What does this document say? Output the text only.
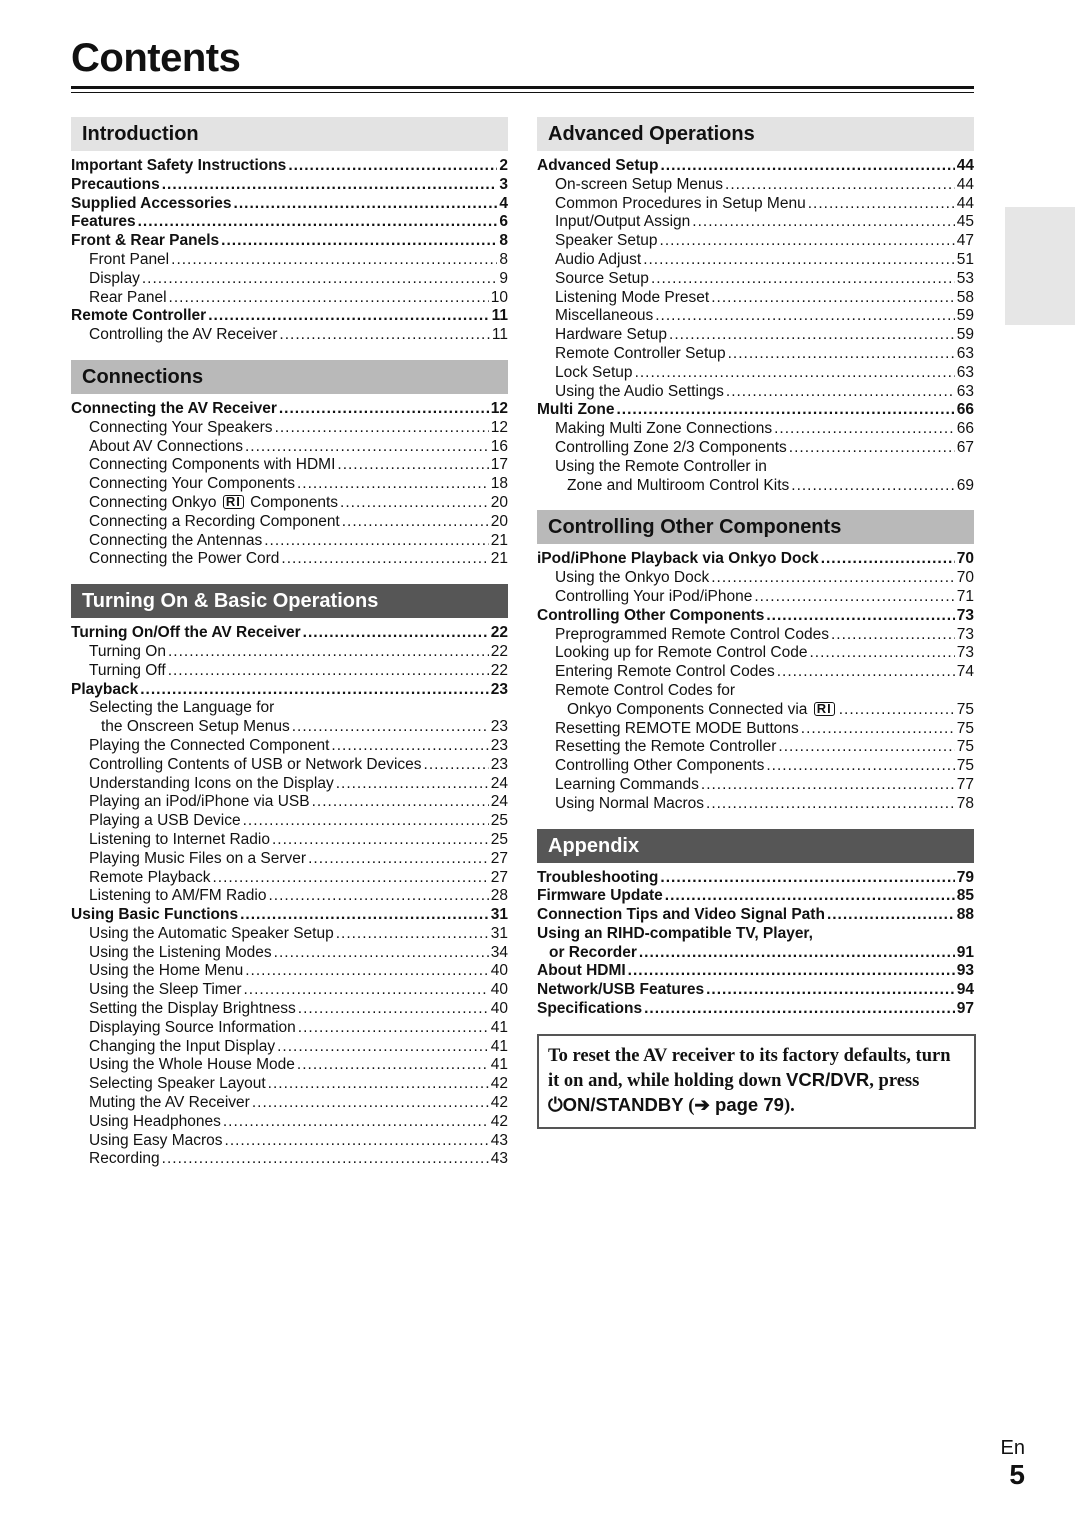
Contents
Introduction
Important Safety Instructions .....	2
Precautions .....	3
Supplied Accessories .....	4
Features .....	6
Front & Rear Panels .....	8
Front Panel .....	8
Display .....	9
Rear Panel .....	10
Remote Controller .....	11
Controlling the AV Receiver .....	11
Connections
Connecting the AV Receiver .....	12
Connecting Your Speakers .....	12
About AV Connections .....	16
Connecting Components with HDMI .....	17
Connecting Your Components .....	18
Connecting Onkyo RI Components .....	20
Connecting a Recording Component .....	20
Connecting the Antennas .....	21
Connecting the Power Cord .....	21
Turning On & Basic Operations
Turning On/Off the AV Receiver .....	22
Turning On .....	22
Turning Off .....	22
Playback .....	23
Selecting the Language for
the Onscreen Setup Menus .....	23
Playing the Connected Component .....	23
Controlling Contents of USB or Network Devices .....	23
Understanding Icons on the Display .....	24
Playing an iPod/iPhone via USB .....	24
Playing a USB Device .....	25
Listening to Internet Radio .....	25
Playing Music Files on a Server .....	27
Remote Playback .....	27
Listening to AM/FM Radio .....	28
Using Basic Functions .....	31
Using the Automatic Speaker Setup .....	31
Using the Listening Modes .....	34
Using the Home Menu .....	40
Using the Sleep Timer .....	40
Setting the Display Brightness .....	40
Displaying Source Information .....	41
Changing the Input Display .....	41
Using the Whole House Mode .....	41
Selecting Speaker Layout .....	42
Muting the AV Receiver .....	42
Using Headphones .....	42
Using Easy Macros .....	43
Recording .....	43
Advanced Operations
Advanced Setup .....	44
On-screen Setup Menus .....	44
Common Procedures in Setup Menu .....	44
Input/Output Assign .....	45
Speaker Setup .....	47
Audio Adjust .....	51
Source Setup .....	53
Listening Mode Preset .....	58
Miscellaneous .....	59
Hardware Setup .....	59
Remote Controller Setup .....	63
Lock Setup .....	63
Using the Audio Settings .....	63
Multi Zone .....	66
Making Multi Zone Connections .....	66
Controlling Zone 2/3 Components .....	67
Using the Remote Controller in
Zone and Multiroom Control Kits .....	69
Controlling Other Components
iPod/iPhone Playback via Onkyo Dock .....	70
Using the Onkyo Dock .....	70
Controlling Your iPod/iPhone .....	71
Controlling Other Components .....	73
Preprogrammed Remote Control Codes .....	73
Looking up for Remote Control Code .....	73
Entering Remote Control Codes .....	74
Remote Control Codes for
Onkyo Components Connected via RI .....	75
Resetting REMOTE MODE Buttons .....	75
Resetting the Remote Controller .....	75
Controlling Other Components .....	75
Learning Commands .....	77
Using Normal Macros .....	78
Appendix
Troubleshooting .....	79
Firmware Update .....	85
Connection Tips and Video Signal Path .....	88
Using an RIHD-compatible TV, Player,
or Recorder .....	91
About HDMI .....	93
Network/USB Features .....	94
Specifications .....	97
To reset the AV receiver to its factory defaults, turn it on and, while holding down VCR/DVR, press
⏻ON/STANDBY (➔ page 79).
En
5
